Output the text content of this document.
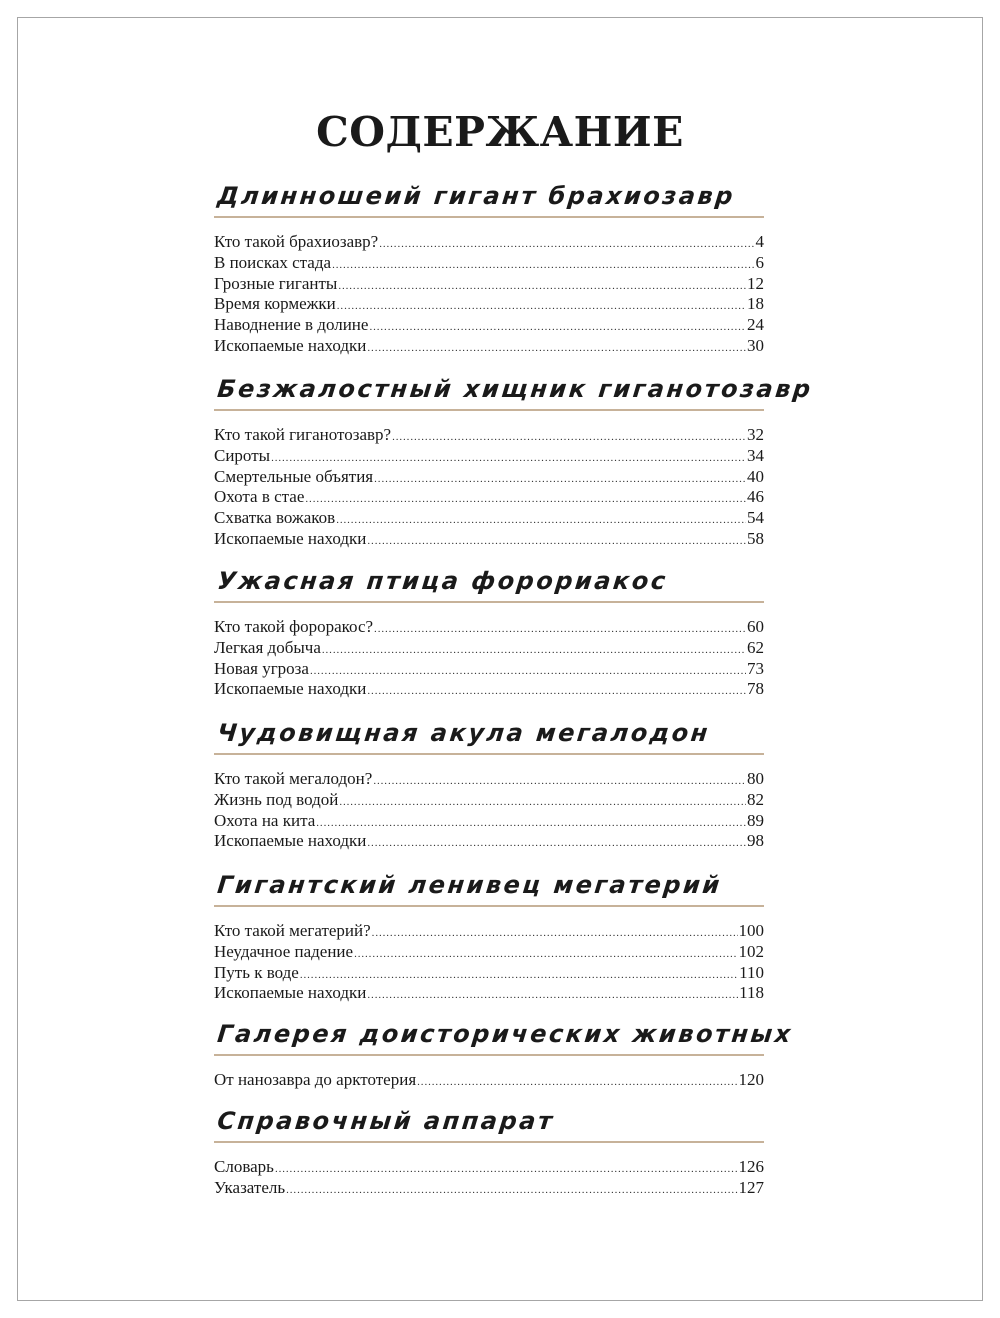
СОДЕРЖАНИЕ
Длинношеий гигант брахиозавр
Кто такой брахиозавр? .....	4
В поисках стада .....	6
Грозные гиганты .....	12
Время кормежки .....	18
Наводнение в долине .....	24
Ископаемые находки .....	30
Безжалостный хищник гиганотозавр
Кто такой гиганотозавр? .....	32
Сироты .....	34
Смертельные объятия .....	40
Охота в стае .....	46
Схватка вожаков .....	54
Ископаемые находки .....	58
Ужасная птица форориакос
Кто такой фороракос? .....	60
Легкая добыча .....	62
Новая угроза .....	73
Ископаемые находки .....	78
Чудовищная акула мегалодон
Кто такой мегалодон? .....	80
Жизнь под водой .....	82
Охота на кита .....	89
Ископаемые находки .....	98
Гигантский ленивец мегатерий
Кто такой мегатерий? .....	100
Неудачное падение .....	102
Путь к воде .....	110
Ископаемые находки .....	118
Галерея доисторических животных
От нанозавра до арктотерия .....	120
Справочный аппарат
Словарь .....	126
Указатель .....	127
